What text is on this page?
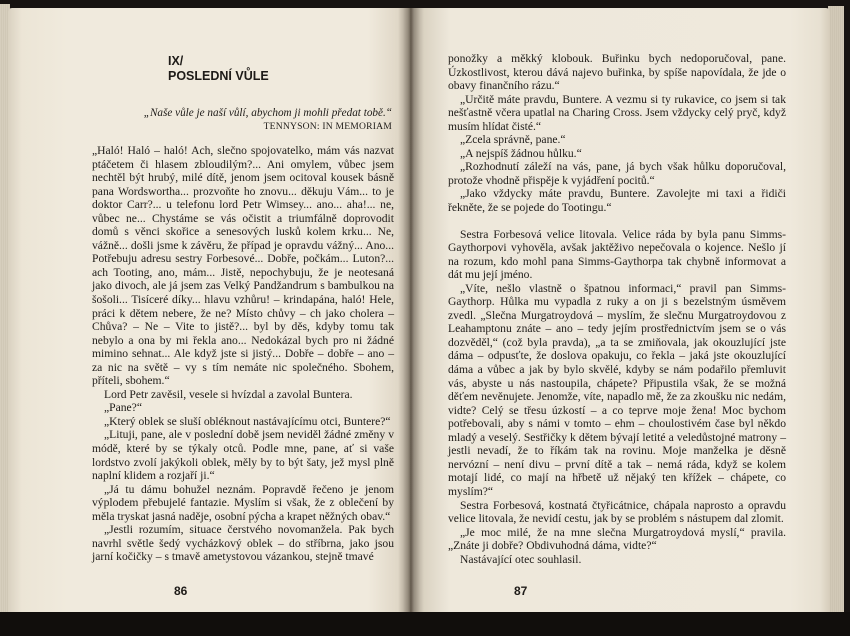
IX/
POSLEDNÍ VŮLE
„Naše vůle je naší vůlí, abychom ji mohli předat tobě.“
TENNYSON: IN MEMORIAM

„Haló! Haló – haló! Ach, slečno spojovatelko, mám vás nazvat ptáčetem či hlasem zbloudilým?... Ani omylem, vůbec jsem nechtěl být hrubý, milé dítě, jenom jsem ocitoval kousek básně pana Wordswortha... prozvoňte ho znovu... děkuju Vám... to je doktor Carr?... u telefonu lord Petr Wimsey... ano... aha!... ne, vůbec ne... Chystáme se vás očistit a triumfálně doprovodit domů s věnci skořice a senesových lusků kolem krku... Ne, vážně... došli jsme k závěru, že případ je opravdu vážný... Ano... Potřebuju adresu sestry Forbesové... Dobře, počkám... Luton?... ach Tooting, ano, mám... Jistě, nepochybuju, že je neotesaná jako divoch, ale já jsem zas Velký Pandžandrum s bambulkou na šošoli... Tisíceré díky... hlavu vzhůru! – krindapána, haló! Hele, práci k dětem nebere, že ne? Místo chůvy – ch jako cholera – Chůva? – Ne – Vite to jistě?... byl by děs, kdyby tomu tak nebylo a ona by mi řekla ano... Nedokázal bych pro ni žádné mimino sehnat... Ale když jste si jistý... Dobře – dobře – ano – za nic na světě – vy s tím nemáte nic společného. Sbohem, příteli, sbohem.“

Lord Petr zavěsil, vesele si hvízdal a zavolal Buntera.

„Pane?“

„Který oblek se sluší obléknout nastávajícímu otci, Buntere?“

„Lituji, pane, ale v poslední době jsem neviděl žádné změny v módě, které by se týkaly otců. Podle mne, pane, ať si vaše lordstvo zvolí jakýkoli oblek, měly by to být šaty, jež mysl plně naplní klidem a rozjaří ji.“

„Já tu dámu bohužel neznám. Popravdě řečeno je jenom výplodem přebujelé fantazie. Myslím si však, že z oblečení by měla tryskat jasná naděje, osobní pýcha a krapet něžných obav.“

„Jestli rozumím, situace čerstvého novomanžela. Pak bych navrhl světle šedý vycházkový oblek – do stříbrna, jako jsou jarní kočičky – s tmavě ametystovou vázankou, stejně tmavé

86

ponožky a měkký klobouk. Buřinku bych nedoporučoval, pane. Úzkostlivost, kterou dává najevo buřinka, by spíše napovídala, že jde o obavy finančního rázu.“

„Určitě máte pravdu, Buntere. A vezmu si ty rukavice, co jsem si tak nešťastně včera upatlal na Charing Cross. Jsem vždycky celý pryč, když musím hlídat čisté.“

„Zcela správně, pane.“

„A nejspíš žádnou hůlku.“

„Rozhodnutí záleží na vás, pane, já bych však hůlku doporučoval, protože vhodně přispěje k vyjádření pocitů.“

„Jako vždycky máte pravdu, Buntere. Zavolejte mi taxi a řidiči řekněte, že se pojede do Tootingu.“

Sestra Forbesová velice litovala. Velice ráda by byla panu Simms-Gaythorpovi vyhověla, avšak jaktěživo nepečovala o kojence. Nešlo jí na rozum, kdo mohl pana Simms-Gaythorpa tak chybně informovat a dát mu její jméno.

„Víte, nešlo vlastně o špatnou informaci,“ pravil pan Simms-Gaythorp. Hůlka mu vypadla z ruky a on ji s bezelstným úsměvem zvedl. „Slečna Murgatroydová – myslím, že slečnu Murgatroydovou z Leahamptonu znáte – ano – tedy jejím prostřednictvím jsem se o vás dozvěděl,“ (což byla pravda), „a ta se zmiňovala, jak okouzlující jste dáma – odpusťte, že doslova opakuju, co řekla – jaká jste okouzlující dáma a vůbec a jak by bylo skvělé, kdyby se nám podařilo přemluvit vás, abyste u nás nastoupila, chápete? Připustila však, že se možná děťem nevěnujete. Jenomže, víte, napadlo mě, že za zkoušku nic nedám, vidte? Celý se třesu úzkostí – a co teprve moje žena! Moc bychom potřebovali, aby s námi v tomto – ehm – choulostivém čase byl někdo mladý a veselý. Sestřičky k dětem bývají letité a veledůstojné matrony – jestli nevadí, že to říkám tak na rovinu. Moje manželka je děsně nervózní – není divu – první dítě a tak – nemá ráda, když se kolem motají lidé, co mají na hřbetě už nějaký ten křížek – chápete, co myslím?“

Sestra Forbesová, kostnatá čtyřicátnice, chápala naprosto a opravdu velice litovala, že nevidí cestu, jak by se problém s nástupem dal zlomit.

„Je moc milé, že na mne slečna Murgatroydová myslí,“ pravila. „Znáte ji dobře? Obdivuhodná dáma, vidte?“

Nastávající otec souhlasil.

87
